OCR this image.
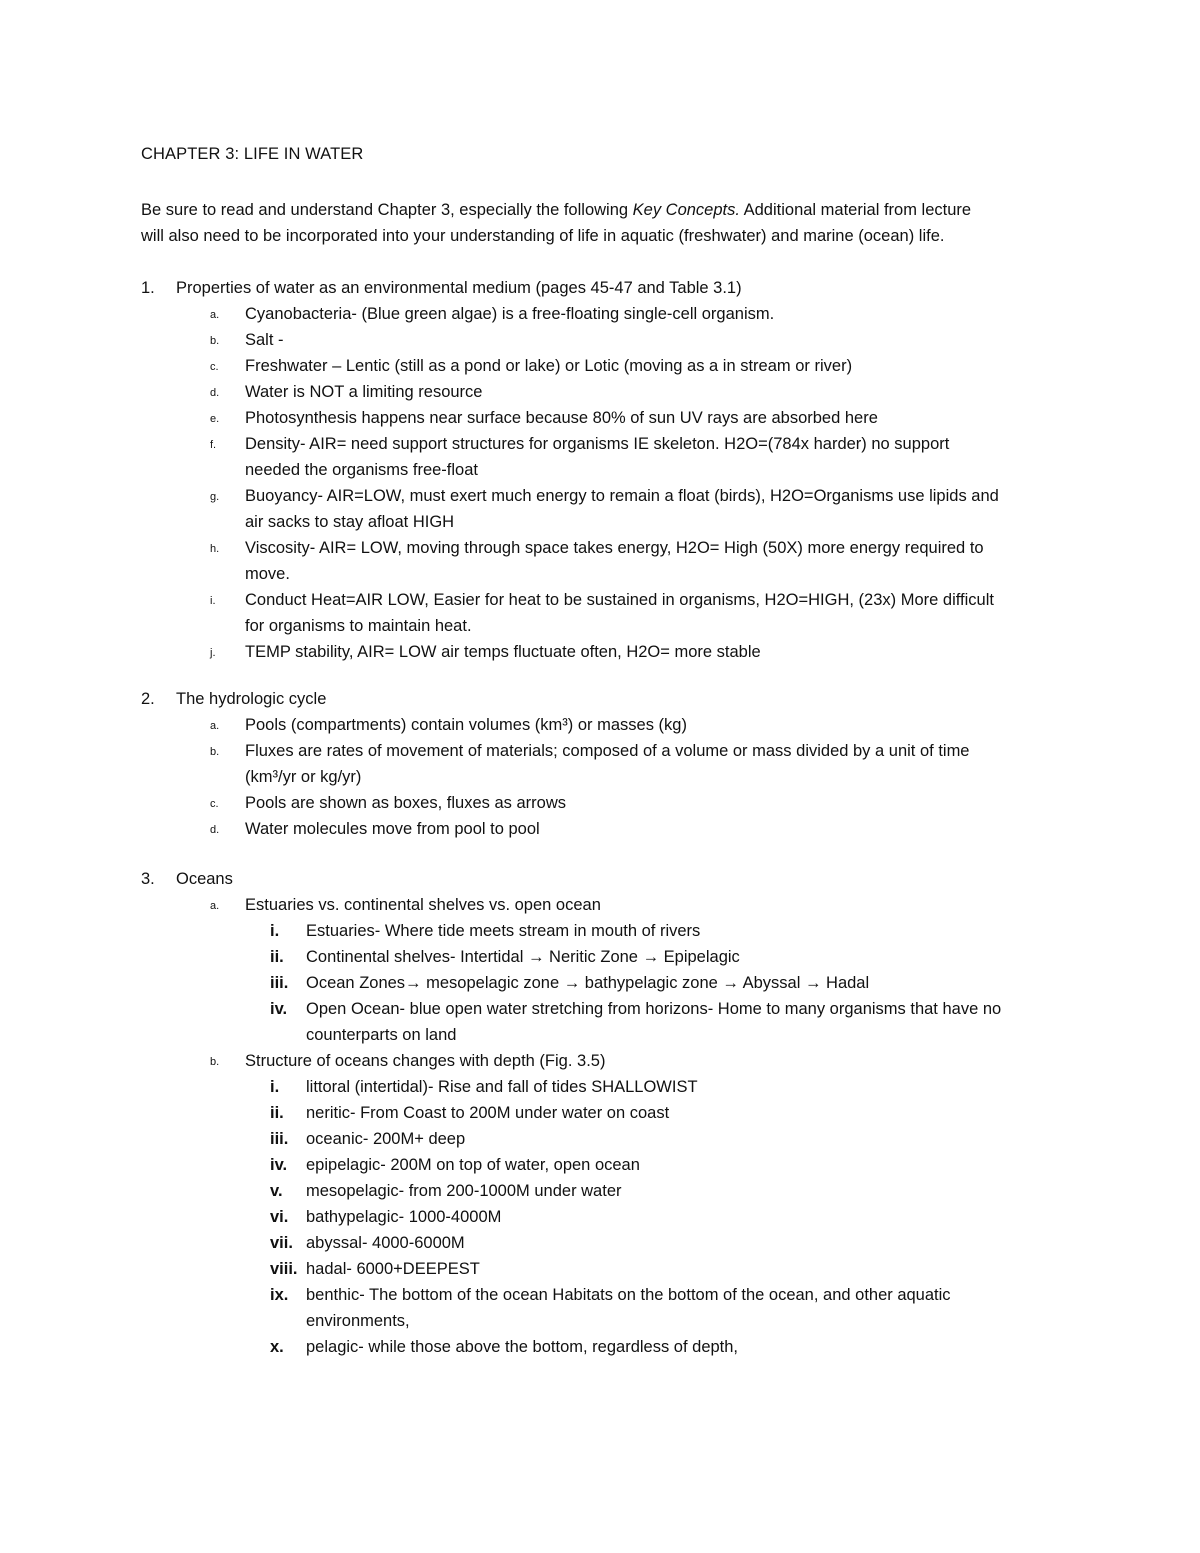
CHAPTER 3: LIFE IN WATER
Be sure to read and understand Chapter 3, especially the following Key Concepts. Additional material from lecture
will also need to be incorporated into your understanding of life in aquatic (freshwater) and marine (ocean) life.
1. Properties of water as an environmental medium (pages 45-47 and Table 3.1)
a. Cyanobacteria- (Blue green algae) is a free-floating single-cell organism.
b. Salt -
c. Freshwater – Lentic (still as a pond or lake) or Lotic (moving as a in stream or river)
d. Water is NOT a limiting resource
e. Photosynthesis happens near surface because 80% of sun UV rays are absorbed here
f. Density- AIR= need support structures for organisms IE skeleton. H2O=(784x harder) no support
needed the organisms free-float
g. Buoyancy- AIR=LOW, must exert much energy to remain a float (birds), H2O=Organisms use lipids and
air sacks to stay afloat HIGH
h. Viscosity- AIR= LOW, moving through space takes energy, H2O= High (50X) more energy required to
move.
i. Conduct Heat=AIR LOW, Easier for heat to be sustained in organisms, H2O=HIGH, (23x) More difficult
for organisms to maintain heat.
j. TEMP stability, AIR= LOW air temps fluctuate often, H2O= more stable
2. The hydrologic cycle
a. Pools (compartments) contain volumes (km³) or masses (kg)
b. Fluxes are rates of movement of materials; composed of a volume or mass divided by a unit of time
(km³/yr or kg/yr)
c. Pools are shown as boxes, fluxes as arrows
d. Water molecules move from pool to pool
3. Oceans
a. Estuaries vs. continental shelves vs. open ocean
i. Estuaries- Where tide meets stream in mouth of rivers
ii. Continental shelves- Intertidal → Neritic Zone → Epipelagic
iii. Ocean Zones→ mesopelagic zone → bathypelagic zone → Abyssal → Hadal
iv. Open Ocean- blue open water stretching from horizons- Home to many organisms that have no
counterparts on land
b. Structure of oceans changes with depth (Fig. 3.5)
i. littoral (intertidal)- Rise and fall of tides SHALLOWIST
ii. neritic- From Coast to 200M under water on coast
iii. oceanic- 200M+ deep
iv. epipelagic- 200M on top of water, open ocean
v. mesopelagic- from 200-1000M under water
vi. bathypelagic- 1000-4000M
vii. abyssal- 4000-6000M
viii. hadal- 6000+DEEPEST
ix. benthic- The bottom of the ocean Habitats on the bottom of the ocean, and other aquatic
environments,
x. pelagic- while those above the bottom, regardless of depth,
